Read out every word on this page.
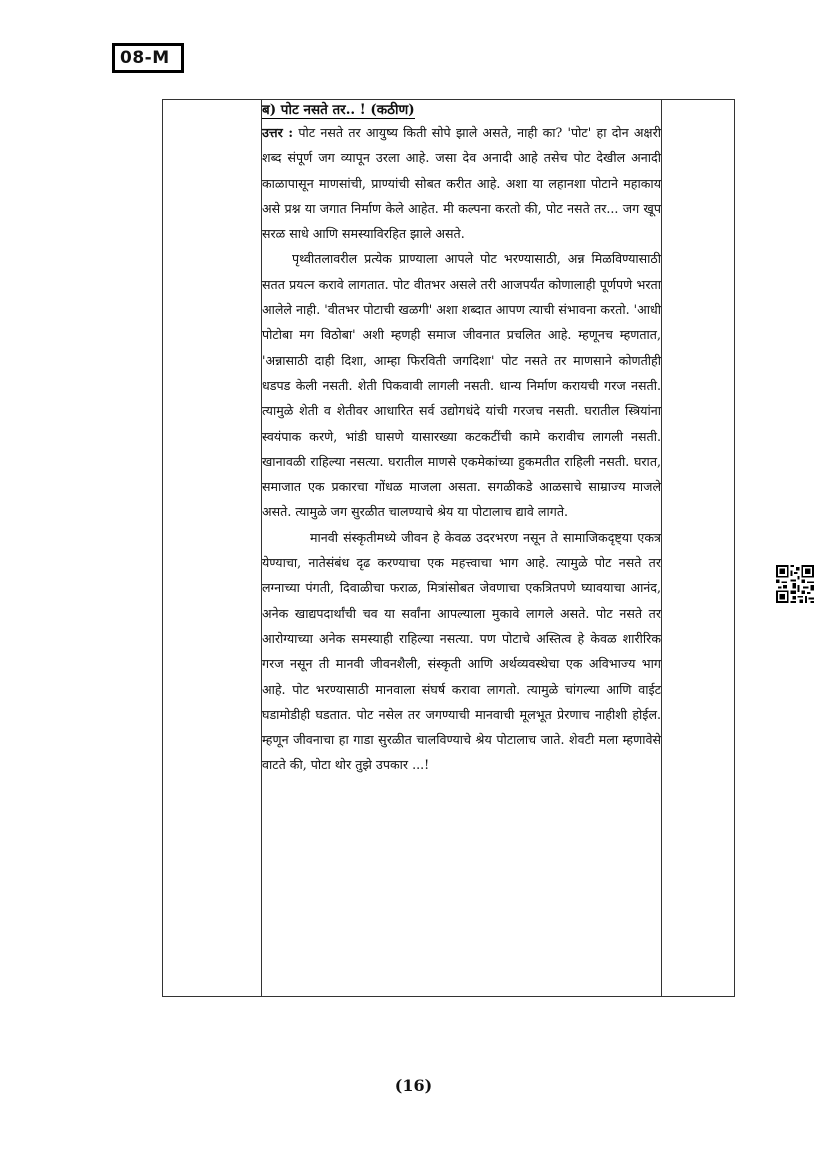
08-M

ब) पोट नसते तर.. ! (कठीण)

उत्तर : पोट नसते तर आयुष्य किती सोपे झाले असते, नाही का? 'पोट' हा दोन अक्षरी शब्द संपूर्ण जग व्यापून उरला आहे. जसा देव अनादी आहे तसेच पोट देखील अनादी काळापासून माणसांची, प्राण्यांची सोबत करीत आहे. अशा या लहानशा पोटाने महाकाय असे प्रश्न या जगात निर्माण केले आहेत. मी कल्पना करतो की, पोट नसते तर... जग खूप सरळ साधे आणि समस्याविरहित झाले असते.

पृथ्वीतलावरील प्रत्येक प्राण्याला आपले पोट भरण्यासाठी, अन्न मिळविण्यासाठी सतत प्रयत्न करावे लागतात. पोट वीतभर असले तरी आजपर्यंत कोणालाही पूर्णपणे भरता आलेले नाही. 'वीतभर पोटाची खळगी' अशा शब्दात आपण त्याची संभावना करतो. 'आधी पोटोबा मग विठोबा' अशी म्हणही समाज जीवनात प्रचलित आहे. म्हणूनच म्हणतात, 'अन्नासाठी दाही दिशा, आम्हा फिरविती जगदिशा' पोट नसते तर माणसाने कोणतीही धडपड केली नसती. शेती पिकवावी लागली नसती. धान्य निर्माण करायची गरज नसती. त्यामुळे शेती व शेतीवर आधारित सर्व उद्योगधंदे यांची गरजच नसती. घरातील स्त्रियांना स्वयंपाक करणे, भांडी घासणे यासारख्या कटकटींची कामे करावीच लागली नसती. खानावळी राहिल्या नसत्या. घरातील माणसे एकमेकांच्या हुकमतीत राहिली नसती. घरात, समाजात एक प्रकारचा गोंधळ माजला असता. सगळीकडे आळसाचे साम्राज्य माजले असते. त्यामुळे जग सुरळीत चालण्याचे श्रेय या पोटालाच द्यावे लागते.

मानवी संस्कृतीमध्ये जीवन हे केवळ उदरभरण नसून ते सामाजिकदृष्ट्या एकत्र येण्याचा, नातेसंबंध दृढ करण्याचा एक महत्त्वाचा भाग आहे. त्यामुळे पोट नसते तर लग्नाच्या पंगती, दिवाळीचा फराळ, मित्रांसोबत जेवणाचा एकत्रितपणे घ्यावयाचा आनंद, अनेक खाद्यपदार्थांची चव या सर्वांना आपल्याला मुकावे लागले असते. पोट नसते तर आरोग्याच्या अनेक समस्याही राहिल्या नसत्या. पण पोटाचे अस्तित्व हे केवळ शारीरिक गरज नसून ती मानवी जीवनशैली, संस्कृती आणि अर्थव्यवस्थेचा एक अविभाज्य भाग आहे. पोट भरण्यासाठी मानवाला संघर्ष करावा लागतो. त्यामुळे चांगल्या आणि वाईट घडामोडीही घडतात. पोट नसेल तर जगण्याची मानवाची मूलभूत प्रेरणाच नाहीशी होईल. म्हणून जीवनाचा हा गाडा सुरळीत चालविण्याचे श्रेय पोटालाच जाते. शेवटी मला म्हणावेसे वाटते की, पोटा थोर तुझे उपकार ...!

(16)
